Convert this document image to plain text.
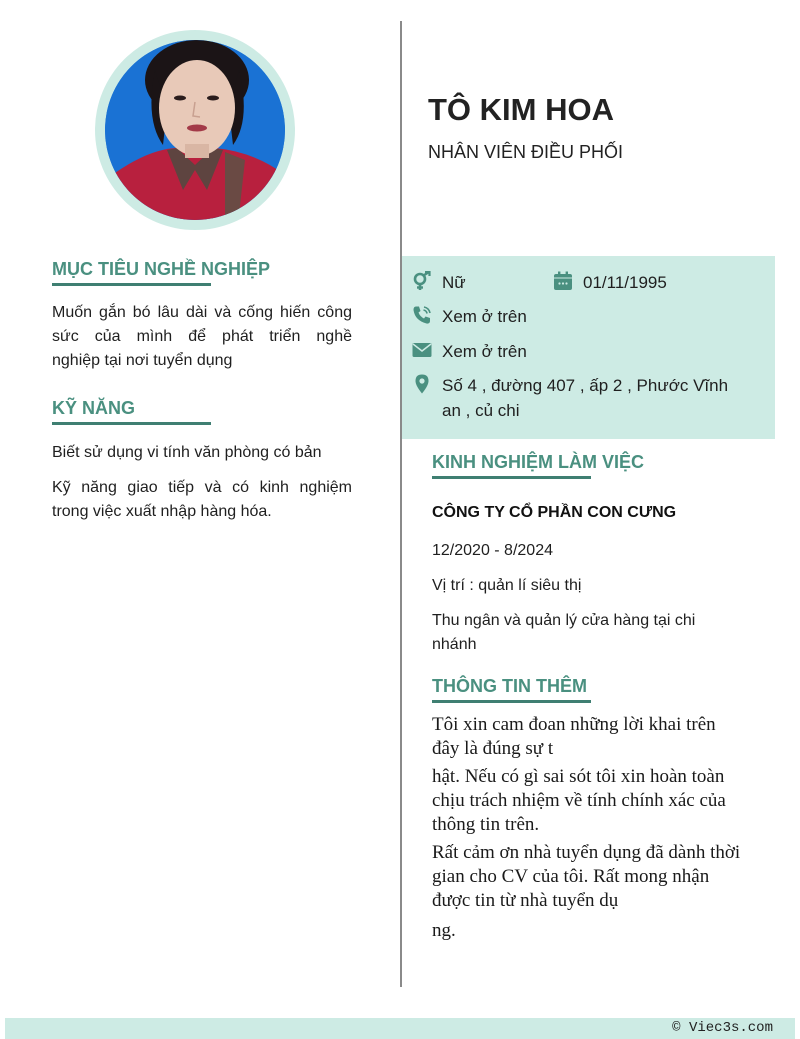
MỤC TIÊU NGHỀ NGHIỆP
Muốn gắn bó lâu dài và cống hiến công
sức của mình để phát triển nghề
nghiệp tại nơi tuyển dụng
KỸ NĂNG
Biết sử dụng vi tính văn phòng có bản
Kỹ năng giao tiếp và có kinh nghiệm
trong việc xuất nhập hàng hóa.
TÔ KIM HOA
NHÂN VIÊN ĐIỀU PHỐI
Nữ	01/11/1995
Xem ở trên
Xem ở trên
Số 4 , đường 407 , ấp 2 , Phước Vĩnh
an , củ chi
KINH NGHIỆM LÀM VIỆC
CÔNG TY CỔ PHẦN CON CƯNG
12/2020 - 8/2024
Vị trí : quản lí siêu thị
Thu ngân và quản lý cửa hàng tại chi
nhánh
THÔNG TIN THÊM
Tôi xin cam đoan những lời khai trên
đây là đúng sự t
hật. Nếu có gì sai sót tôi xin hoàn toàn
chịu trách nhiệm về tính chính xác của
thông tin trên.
Rất cảm ơn nhà tuyển dụng đã dành thời
gian cho CV của tôi. Rất mong nhận
được tin từ nhà tuyển dụ
ng.
© Viec3s.com
